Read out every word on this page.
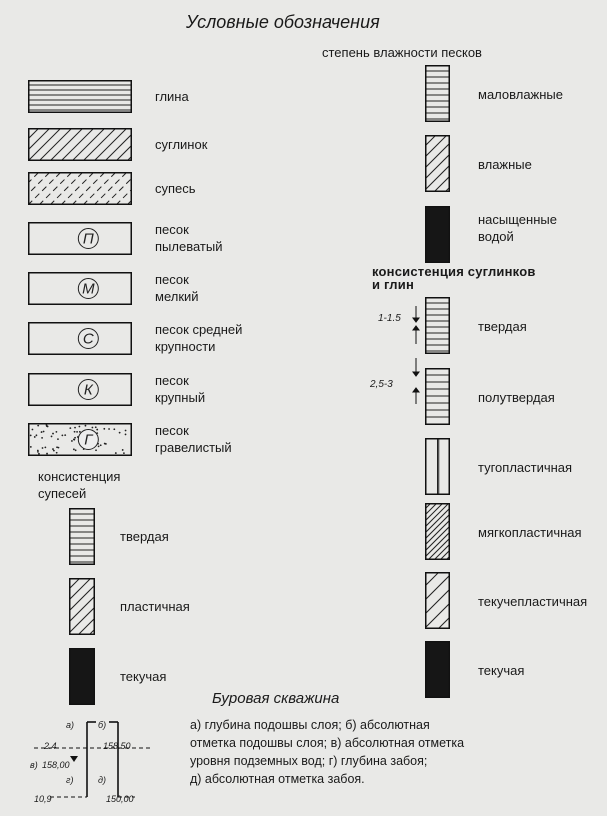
Условные обозначения
консистенция
супесей
степень влажности песков
консистенция суглинков
и глин
1-1.5
2,5-3
Буровая скважина
а)	б)
2.4	158.50
в) 158,00
г)	д)
10,9	150,00
а) глубина подошвы слоя; б) абсолютная
отметка подошвы слоя; в) абсолютная отметка
уровня подземных вод; г) глубина забоя;
д) абсолютная отметка забоя.
глина
суглинок
супесь
П
песок
пылеватый
М
песок
мелкий
С
песок средней
крупности
К
песок
крупный
Г
песок
гравелистый
твердая
пластичная
текучая
маловлажные
влажные
насыщенные
водой
твердая
полутвердая
тугопластичная
мягкопластичная
текучепластичная
текучая
